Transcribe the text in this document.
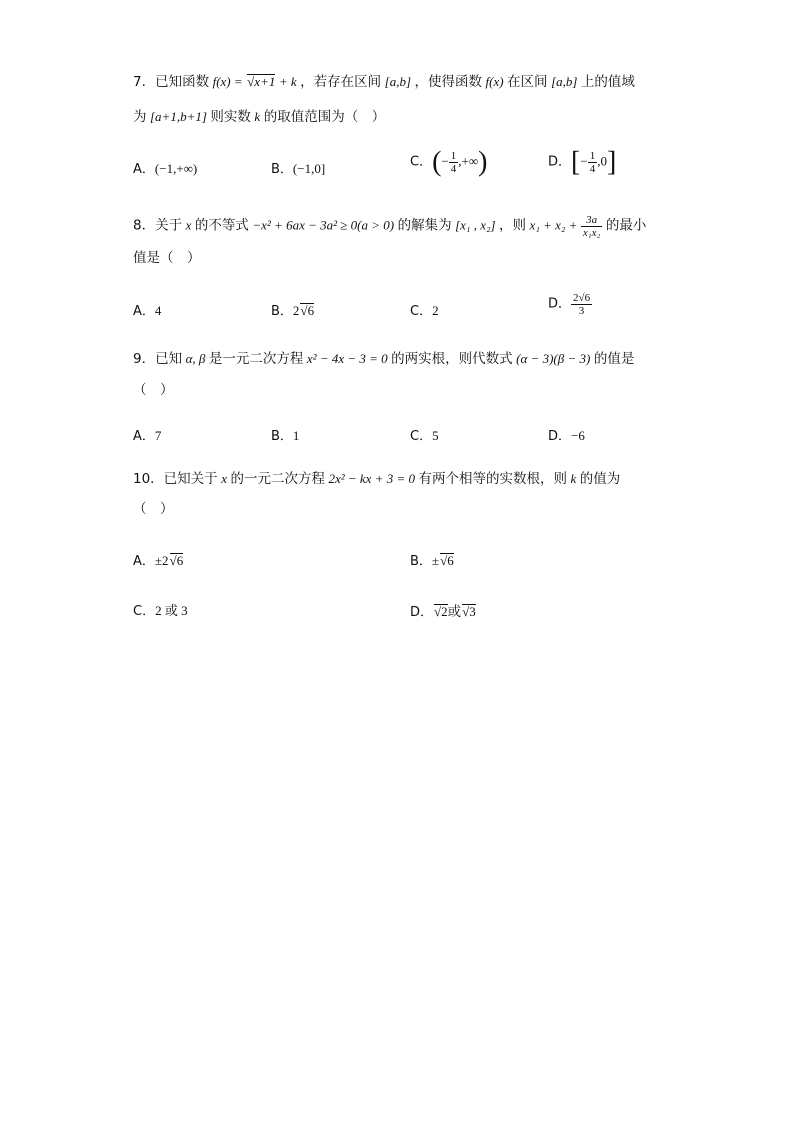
7．已知函数 f(x) = √x+1 + k ，若存在区间 [a,b] ，使得函数 f(x) 在区间 [a,b] 上的值域
为 [a+1,b+1] 则实数 k 的取值范围为（　）
A．(−1,+∞)	B．(−1,0]	C．(− $\frac{1}{4}$ ,+∞)	D．[− $\frac{1}{4} ,0$]
8．关于 x 的不等式 −x² + 6ax − 3a² ≥ 0(a > 0) 的解集为 [x₁ , x₂] ，则 $x_1 + x_2 + \frac{3a}{\text{x₁x₂}}$ 的最小
值是（　）
A．4	B．2√6	C．2	D． $\frac{2√6}{3}$
9．已知 α, β 是一元二次方程 x² − 4x − 3 = 0 的两实根，则代数式 (α − 3)(β − 3) 的值是
（　）
A．7	B．1	C．5	D．−6
10．已知关于 x 的一元二次方程 2x² − kx + 3 = 0 有两个相等的实数根，则 k 的值为
（　）
A．±2√6	B．±√6
C．2 或 3	D．√2或√3
